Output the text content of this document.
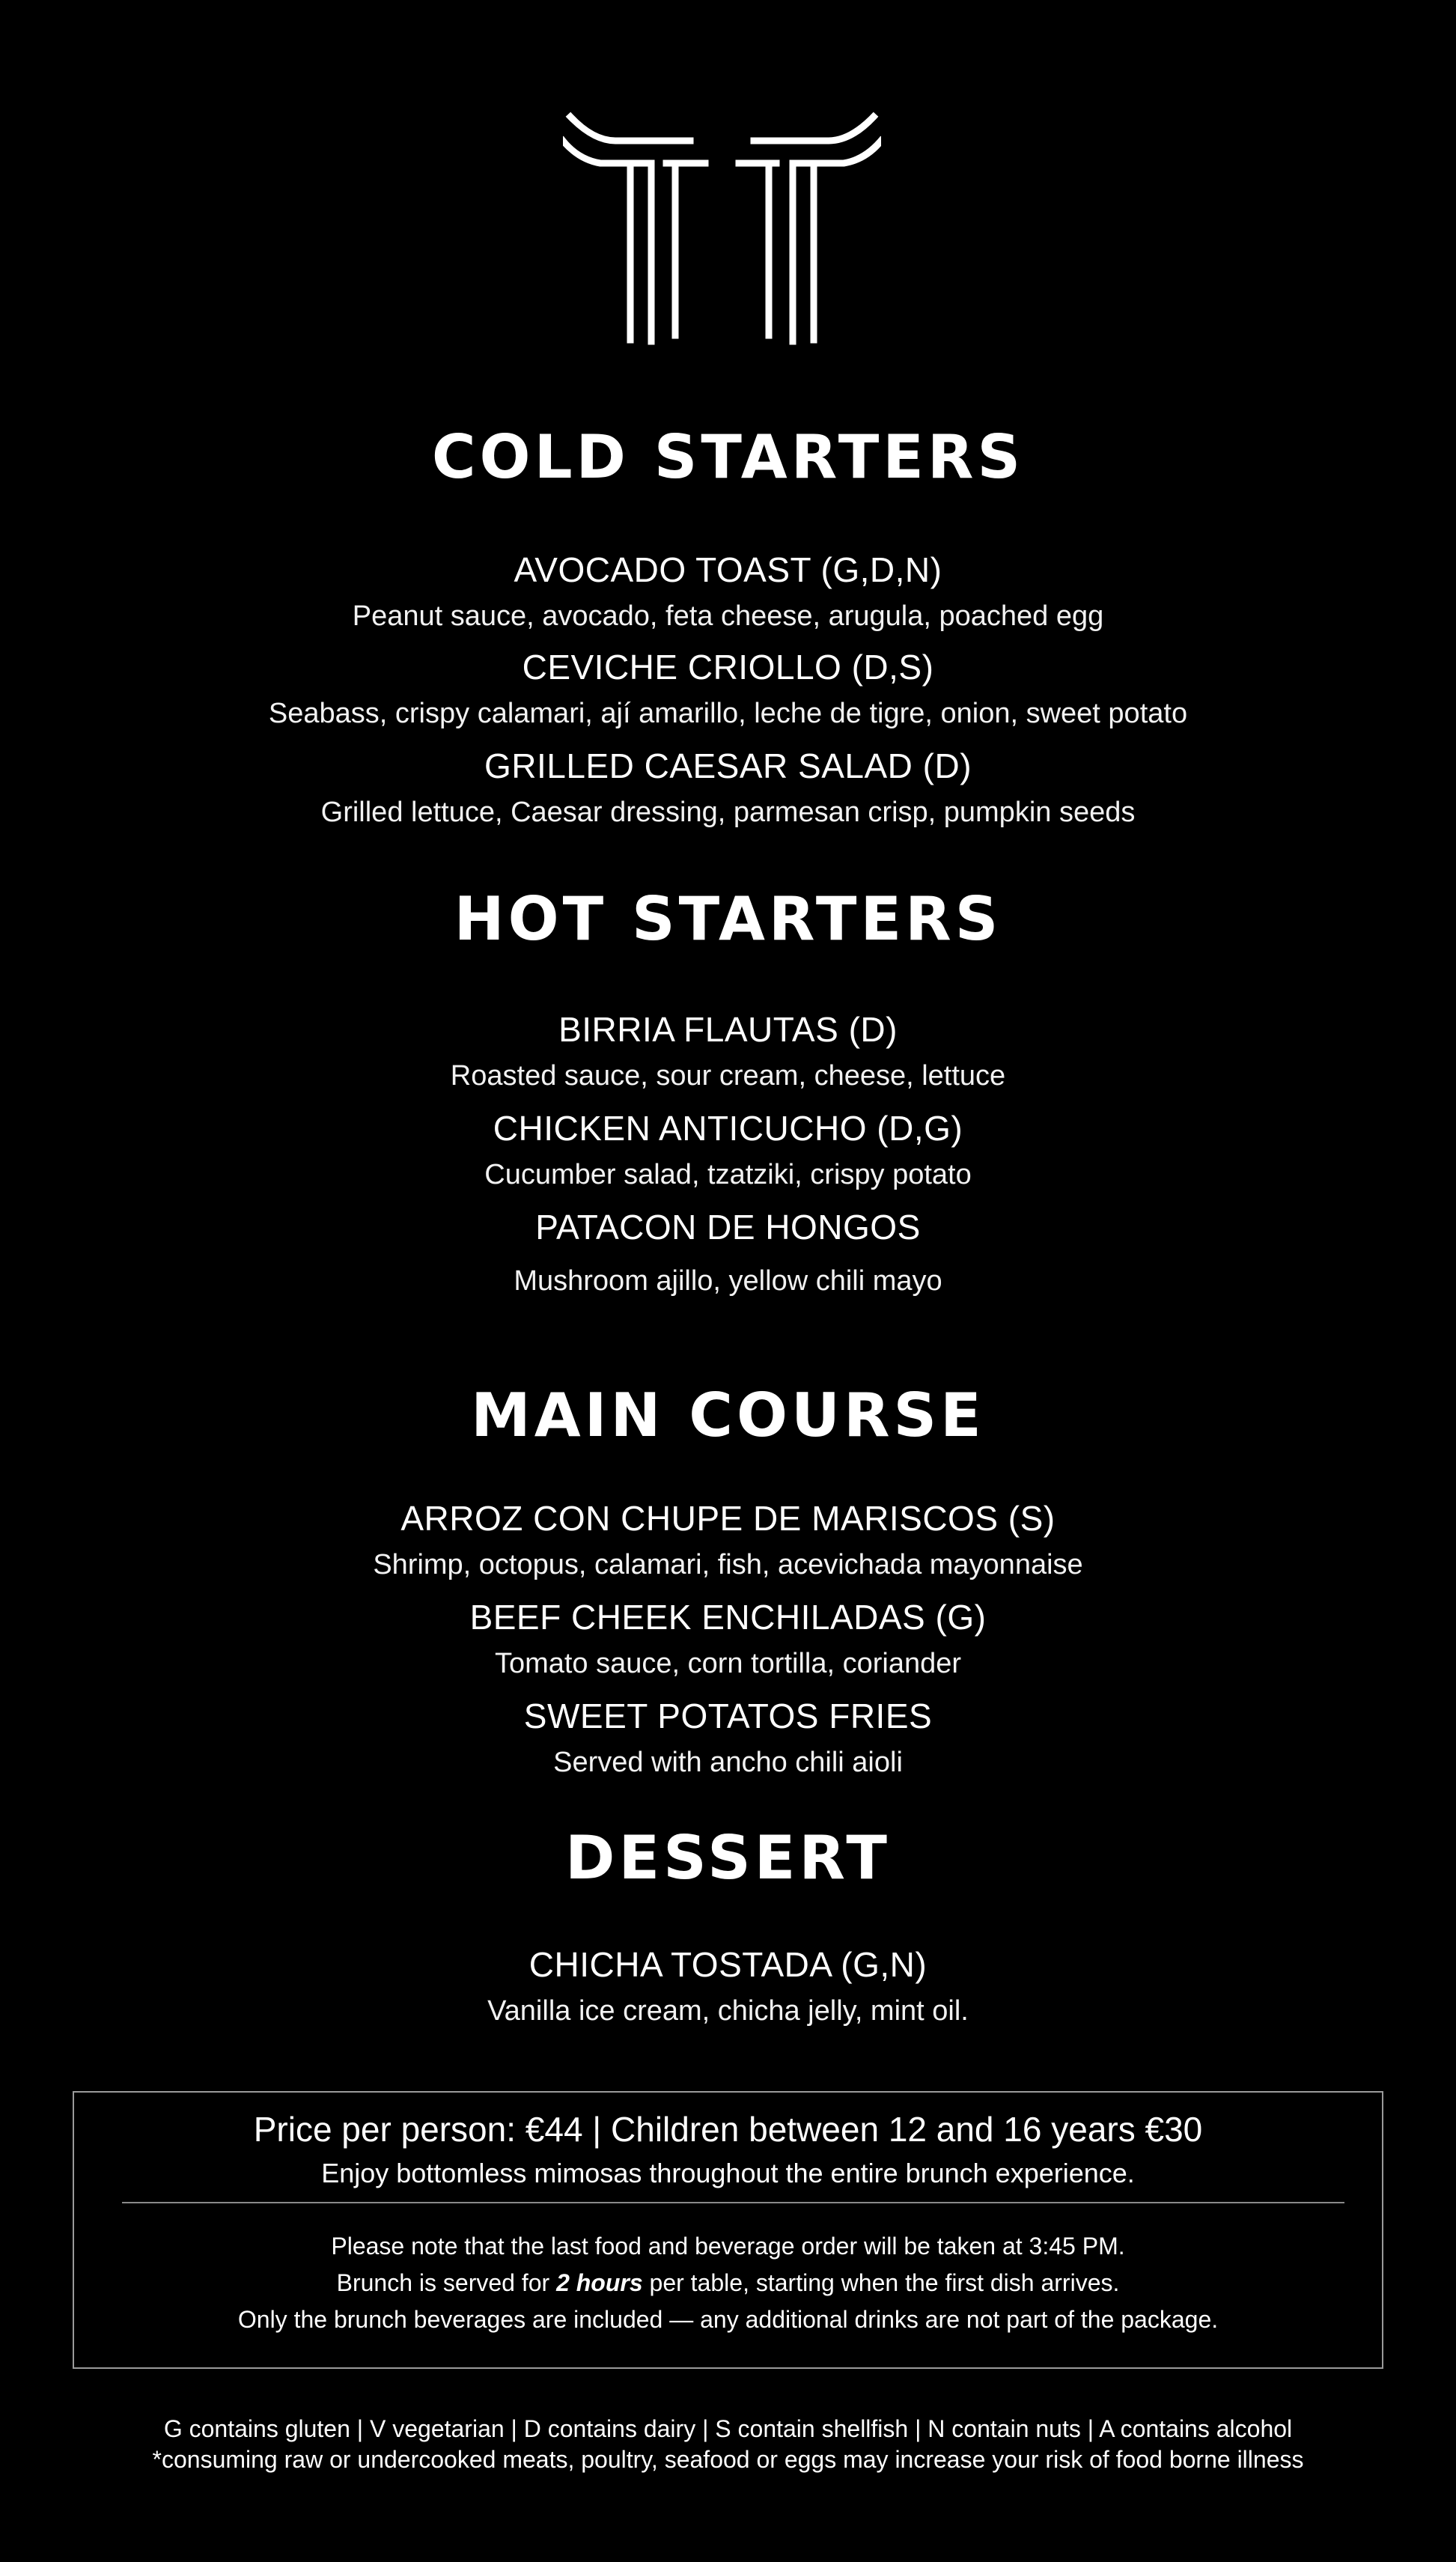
COLD STARTERS
AVOCADO TOAST (G,D,N)
Peanut sauce, avocado, feta cheese, arugula, poached egg
CEVICHE CRIOLLO (D,S)
Seabass, crispy calamari, ají amarillo, leche de tigre, onion, sweet potato
GRILLED CAESAR SALAD (D)
Grilled lettuce, Caesar dressing, parmesan crisp, pumpkin seeds
HOT STARTERS
BIRRIA FLAUTAS (D)
Roasted sauce, sour cream, cheese, lettuce
CHICKEN ANTICUCHO (D,G)
Cucumber salad, tzatziki, crispy potato
PATACON DE HONGOS
Mushroom ajillo, yellow chili mayo
MAIN COURSE
ARROZ CON CHUPE DE MARISCOS (S)
Shrimp, octopus, calamari, fish, acevichada mayonnaise
BEEF CHEEK ENCHILADAS (G)
Tomato sauce, corn tortilla, coriander
SWEET POTATOS FRIES
Served with ancho chili aioli
DESSERT
CHICHA TOSTADA (G,N)
Vanilla ice cream, chicha jelly, mint oil.
Price per person: €44 | Children between 12 and 16 years €30
Enjoy bottomless mimosas throughout the entire brunch experience.
Please note that the last food and beverage order will be taken at 3:45 PM.
Brunch is served for 2 hours per table, starting when the first dish arrives.
Only the brunch beverages are included — any additional drinks are not part of the package.
G contains gluten | V vegetarian | D contains dairy | S contain shellfish | N contain nuts | A contains alcohol
*consuming raw or undercooked meats, poultry, seafood or eggs may increase your risk of food borne illness
